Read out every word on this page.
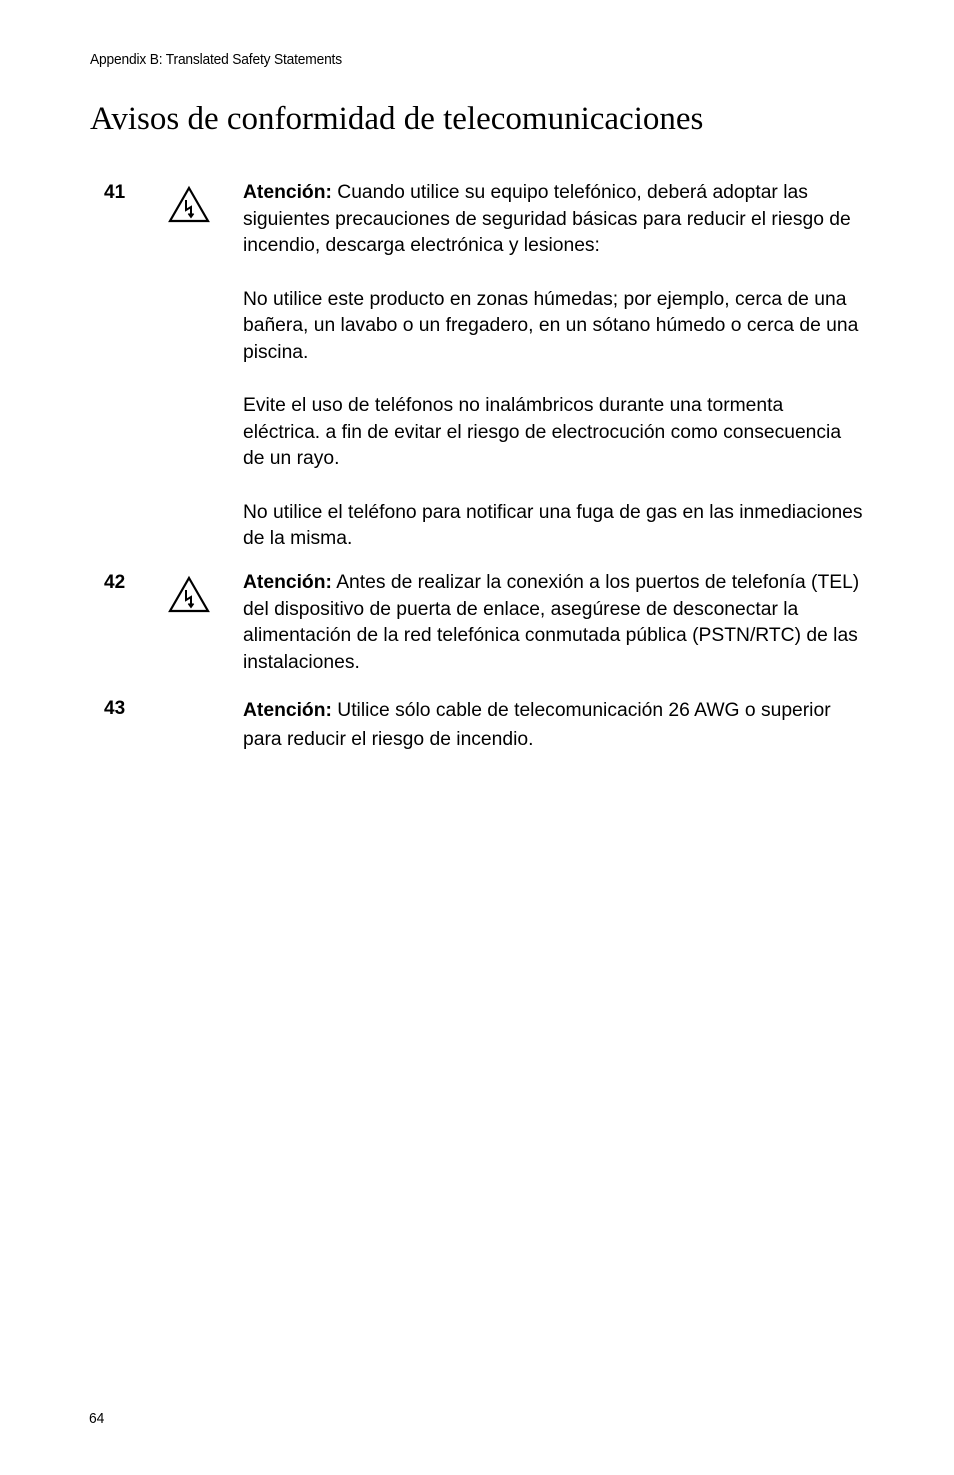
Appendix B: Translated Safety Statements
Avisos de conformidad de telecomunicaciones
41	Atención: Cuando utilice su equipo telefónico, deberá adoptar las siguientes precauciones de seguridad básicas para reducir el riesgo de incendio, descarga electrónica y lesiones:

No utilice este producto en zonas húmedas; por ejemplo, cerca de una bañera, un lavabo o un fregadero, en un sótano húmedo o cerca de una piscina.

Evite el uso de teléfonos no inalámbricos durante una tormenta eléctrica. a fin de evitar el riesgo de electrocución como consecuencia de un rayo.

No utilice el teléfono para notificar una fuga de gas en las inmediaciones de la misma.

42	Atención: Antes de realizar la conexión a los puertos de telefonía (TEL) del dispositivo de puerta de enlace, asegúrese de desconectar la alimentación de la red telefónica conmutada pública (PSTN/RTC) de las instalaciones.

43	Atención: Utilice sólo cable de telecomunicación 26 AWG o superior para reducir el riesgo de incendio.

64
